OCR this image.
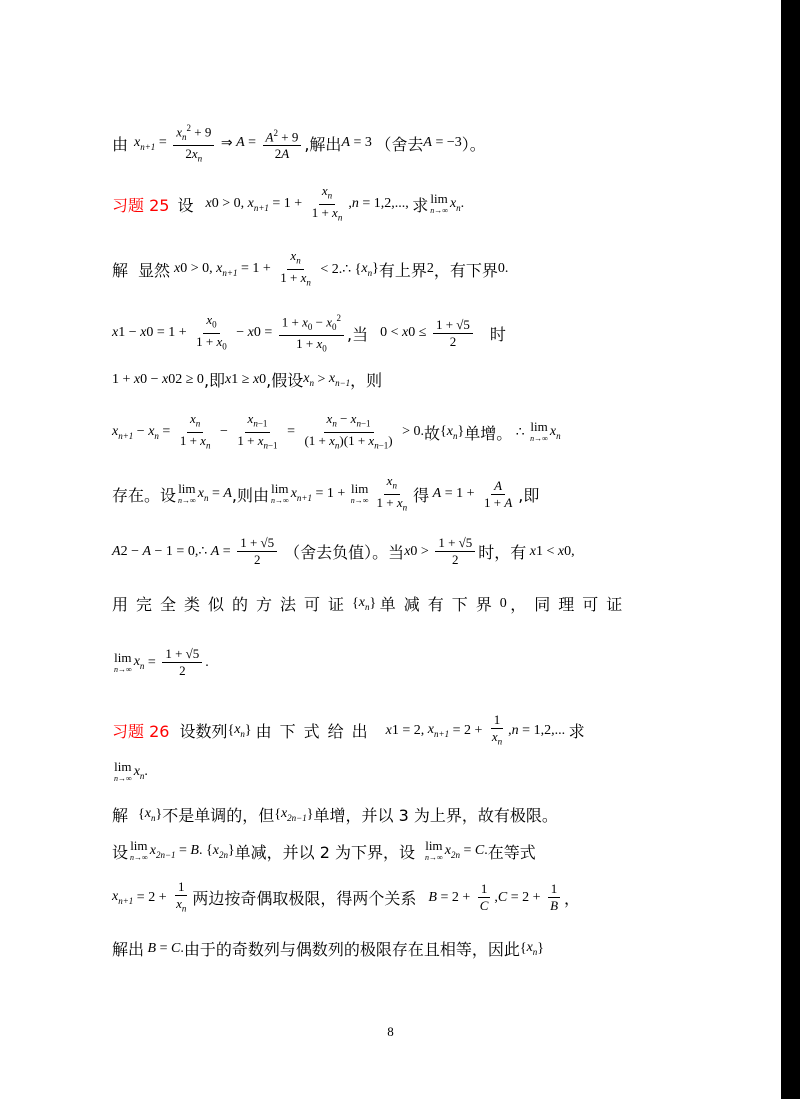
由 $x_{n+1} = \frac{x_n^2 + 9}{2x_n}$ ⇒ $A = \frac{A^2 + 9}{2A}$ ,解出 A = 3 （舍去 A = −3 ）。
习题 25 设 x 0 > 0, $x_{n+1} = 1 + \frac{x_n}{1 + x_n}$ , n = 1,2,..., 求 lim
n→∞ $x_n$ .
解 显然 x 0 > 0, $x_{n+1} = 1 + \frac{x_n}{1 + x_n}$ < 2.∴ { $x_n$ } 有上界 2 ，有下界 0.
x 1 − x $0 = 1 + \frac{x_0}{1 + x_0} - x$ $0 = \frac{1 + x_0 - x_0^2}{1 + x_0}$ ,当 0 < x $0 \le \frac{1 + √5}{2}$ 时
1 + x 0 − x 0 2 ≥ 0 ,即 x 1 ≥ x 0 ,假设 $x_n > x_{n-1}$ ，则
$x_{n+1} - x_n = \frac{x_n}{1 + x_n} - \frac{x_{n-1}}{1 + x_{n-1}} = \frac{x_n - x_{n-1}}{(1 + x_n)(1 + x_{n-1})} > 0$. 故 { $x_n$ } 单增。 ∴ lim
n→∞ $x_n$
存在。设 lim
n→∞ $x_n = A$ ,则由 lim
n→∞ $x_{n+1} = 1 + \lim$
$n\to\infty \frac{x_n}{1 + x_n}$ 得 $A = 1 + \frac{A}{1 + A}$ ,即
A 2 − A − 1 = 0,∴ $A = \frac{1 + √5}{2}$ （舍去负值）。当 x $0 > \frac{1 + √5}{2}$ 时，有 x 1 < x 0,
用完全类似的方法可证 { $x_n$ } 单减有下界 0 ，同理可证
lim
n→∞ $x_n = \frac{1 + √5}{2}$ .
习题 26 设数列 { $x_n$ } 由下式给出 x 1 = 2, $x_{n+1} = 2 + \frac{1}{x_n}$ , n = 1,2,... 求
lim
n→∞ $x_n$ .
解 { $x_n$ } 不是单调的，但 { $x_{2n-1}$ } 单增，并以 3 为上界，故有极限。
设 lim
n→∞ $x_{2n-1} = B$ . { $x_{2n}$ } 单减，并以 2 为下界，设 lim
n→∞ $x_{2n} = C$ . 在等式
$x_{n+1} = 2 + \frac{1}{x_n}$ 两边按奇偶取极限，得两个关系 $B = 2 + \frac{1}{C}$ , $C = 2 + \frac{1}{B}$ ，
解出 B = C . 由于的奇数列与偶数列的极限存在且相等，因此 { $x_n$ }
8
